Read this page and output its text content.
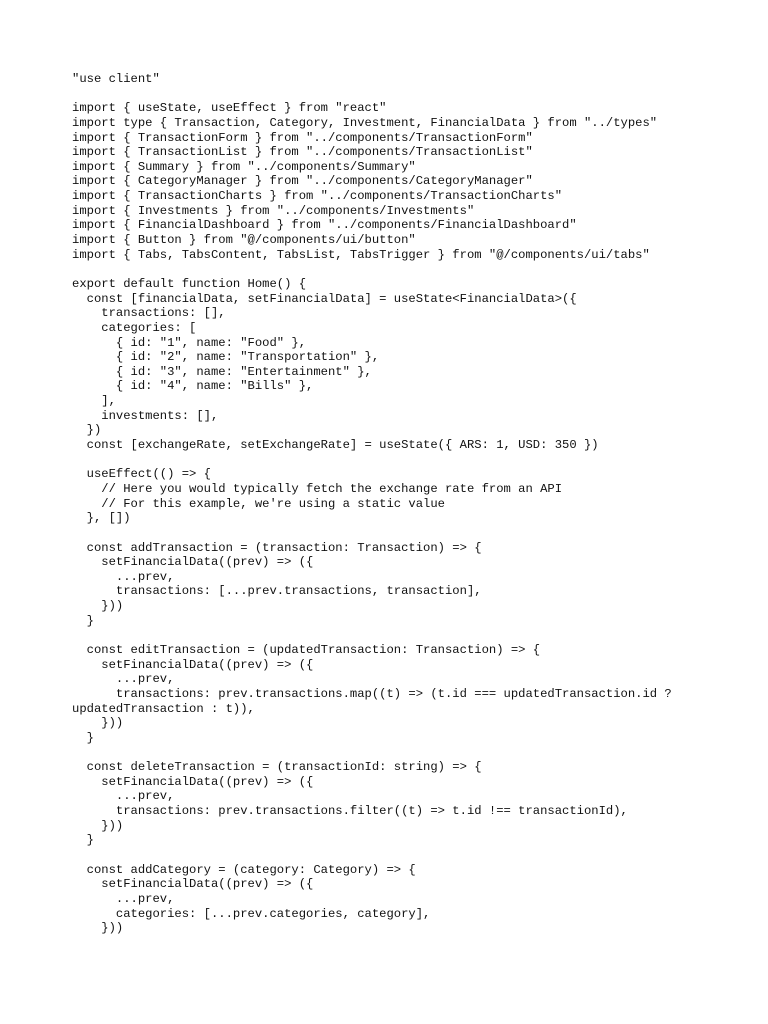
"use client"
import { useState, useEffect } from "react"
import type { Transaction, Category, Investment, FinancialData } from "../types"
import { TransactionForm } from "../components/TransactionForm"
import { TransactionList } from "../components/TransactionList"
import { Summary } from "../components/Summary"
import { CategoryManager } from "../components/CategoryManager"
import { TransactionCharts } from "../components/TransactionCharts"
import { Investments } from "../components/Investments"
import { FinancialDashboard } from "../components/FinancialDashboard"
import { Button } from "@/components/ui/button"
import { Tabs, TabsContent, TabsList, TabsTrigger } from "@/components/ui/tabs"
export default function Home() {
const [financialData, setFinancialData] = useState<FinancialData>({
transactions: [],
categories: [
{ id: "1", name: "Food" },
{ id: "2", name: "Transportation" },
{ id: "3", name: "Entertainment" },
{ id: "4", name: "Bills" },
],
investments: [],
})
const [exchangeRate, setExchangeRate] = useState({ ARS: 1, USD: 350 })
useEffect(() => {
// Here you would typically fetch the exchange rate from an API
// For this example, we're using a static value
}, [])
const addTransaction = (transaction: Transaction) => {
setFinancialData((prev) => ({
...prev,
transactions: [...prev.transactions, transaction],
}))
}
const editTransaction = (updatedTransaction: Transaction) => {
setFinancialData((prev) => ({
...prev,
transactions: prev.transactions.map((t) => (t.id === updatedTransaction.id ?
updatedTransaction : t)),
}))
}
const deleteTransaction = (transactionId: string) => {
setFinancialData((prev) => ({
...prev,
transactions: prev.transactions.filter((t) => t.id !== transactionId),
}))
}
const addCategory = (category: Category) => {
setFinancialData((prev) => ({
...prev,
categories: [...prev.categories, category],
}))
